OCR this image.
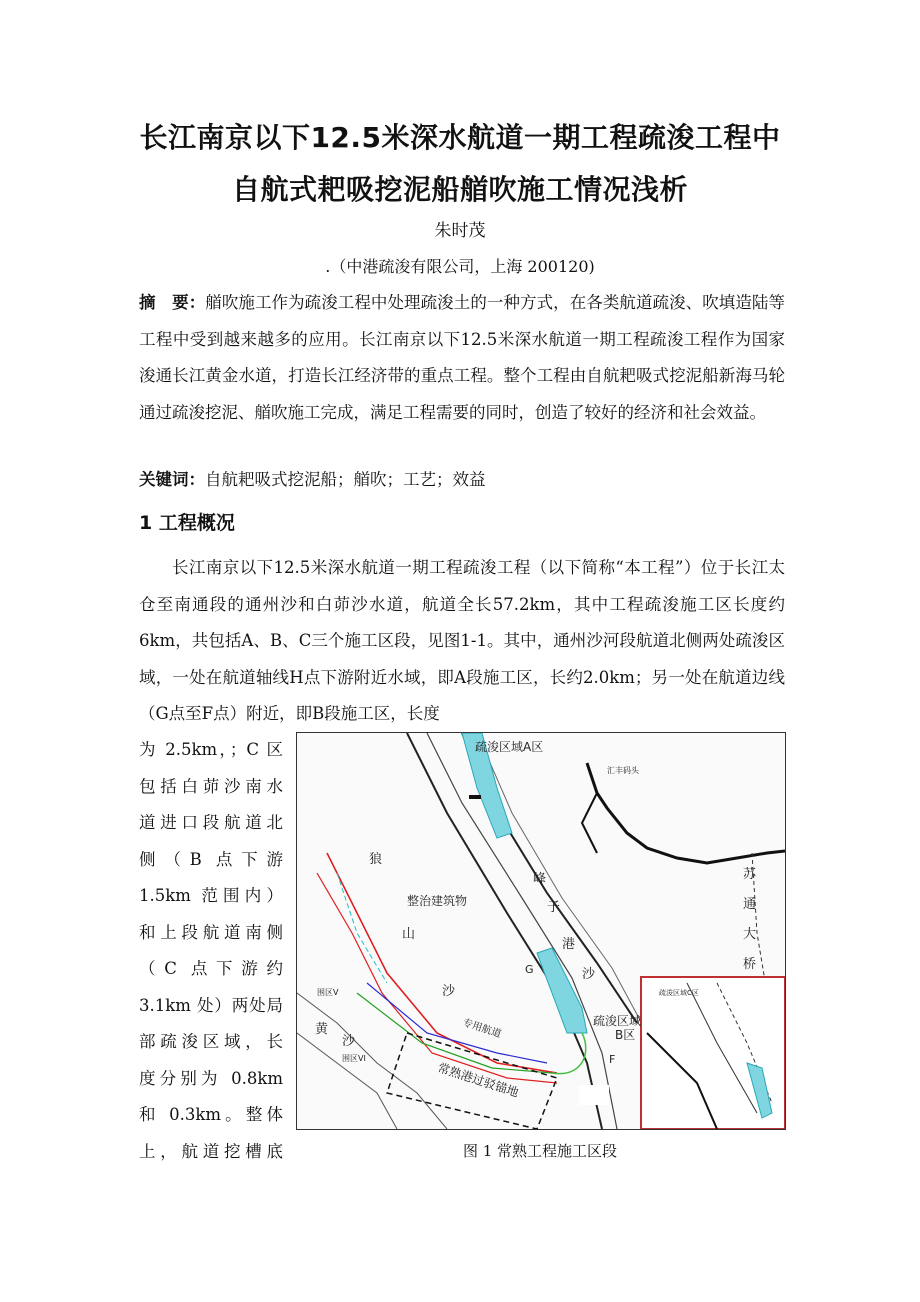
长江南京以下12.5米深水航道一期工程疏浚工程中
自航式耙吸挖泥船艏吹施工情况浅析
朱时茂
.（中港疏浚有限公司，上海 200120)
摘　要：艏吹施工作为疏浚工程中处理疏浚土的一种方式，在各类航道疏浚、吹填造陆等工程中受到越来越多的应用。长江南京以下12.5米深水航道一期工程疏浚工程作为国家浚通长江黄金水道，打造长江经济带的重点工程。整个工程由自航耙吸式挖泥船新海马轮通过疏浚挖泥、艏吹施工完成，满足工程需要的同时，创造了较好的经济和社会效益。
关键词：自航耙吸式挖泥船；艏吹；工艺；效益
1 工程概况
长江南京以下12.5米深水航道一期工程疏浚工程（以下简称“本工程”）位于长江太仓至南通段的通州沙和白茆沙水道，航道全长57.2km，其中工程疏浚施工区长度约6km，共包括A、B、C三个施工区段，见图1-1。其中，通州沙河段航道北侧两处疏浚区域，一处在航道轴线H点下游附近水域，即A段施工区，长约2.0km；另一处在航道边线（G点至F点）附近，即B段施工区，长度
为 2.5km，；C 区
包括白茆沙南水
道进口段航道北
侧（B 点下游
1.5km 范围内）
和上段航道南侧
（C 点下游约
3.1km 处）两处局
部疏浚区域，长
度分别为 0.8km
和 0.3km。整体
上，航道挖槽底
疏浚区域A区
汇丰码头
狼
整治建筑物
山
沙
峰
子
港
沙
苏
通
大
桥
疏浚区域
B区
G
F
常熟港过驳锚地
专用航道
黄
沙
围区V
围区VI
疏浚区域C区
图 1 常熟工程施工区段
